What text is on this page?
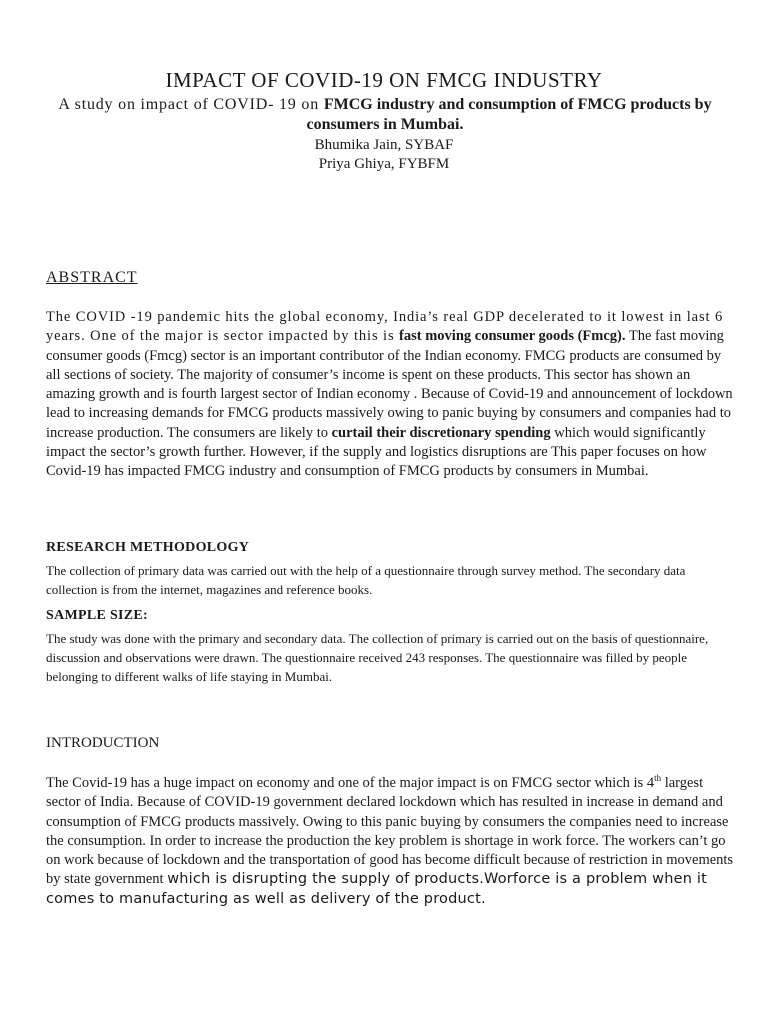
IMPACT OF COVID-19 ON FMCG INDUSTRY

A study on impact of COVID- 19 on FMCG industry and consumption of FMCG products by consumers in Mumbai.

Bhumika Jain, SYBAF
Priya Ghiya, FYBFM
ABSTRACT

The COVID -19 pandemic hits the global economy, India’s real GDP decelerated to it lowest in last 6 years. One of the major is sector impacted by this is fast moving consumer goods (Fmcg). The fast moving consumer goods (Fmcg) sector is an important contributor of the Indian economy. FMCG products are consumed by all sections of society. The majority of consumer’s income is spent on these products. This sector has shown an amazing growth and is fourth largest sector of Indian economy . Because of Covid-19 and announcement of lockdown lead to increasing demands for FMCG products massively owing to panic buying by consumers and companies had to increase production. The consumers are likely to curtail their discretionary spending which would significantly impact the sector’s growth further. However, if the supply and logistics disruptions are This paper focuses on how Covid-19 has impacted FMCG industry and consumption of FMCG products by consumers in Mumbai.

RESEARCH METHODOLOGY

The collection of primary data was carried out with the help of a questionnaire through survey method. The secondary data collection is from the internet, magazines and reference books.

SAMPLE SIZE:

The study was done with the primary and secondary data. The collection of primary is carried out on the basis of questionnaire, discussion and observations were drawn. The questionnaire received 243 responses. The questionnaire was filled by people belonging to different walks of life staying in Mumbai.

INTRODUCTION

The Covid-19 has a huge impact on economy and one of the major impact is on FMCG sector which is 4th largest sector of India. Because of COVID-19 government declared lockdown which has resulted in increase in demand and consumption of FMCG products massively. Owing to this panic buying by consumers the companies need to increase the consumption. In order to increase the production the key problem is shortage in work force. The workers can’t go on work because of lockdown and the transportation of good has become difficult because of restriction in movements by state government which is disrupting the supply of products.Worforce is a problem when it comes to manufacturing as well as delivery of the product.
